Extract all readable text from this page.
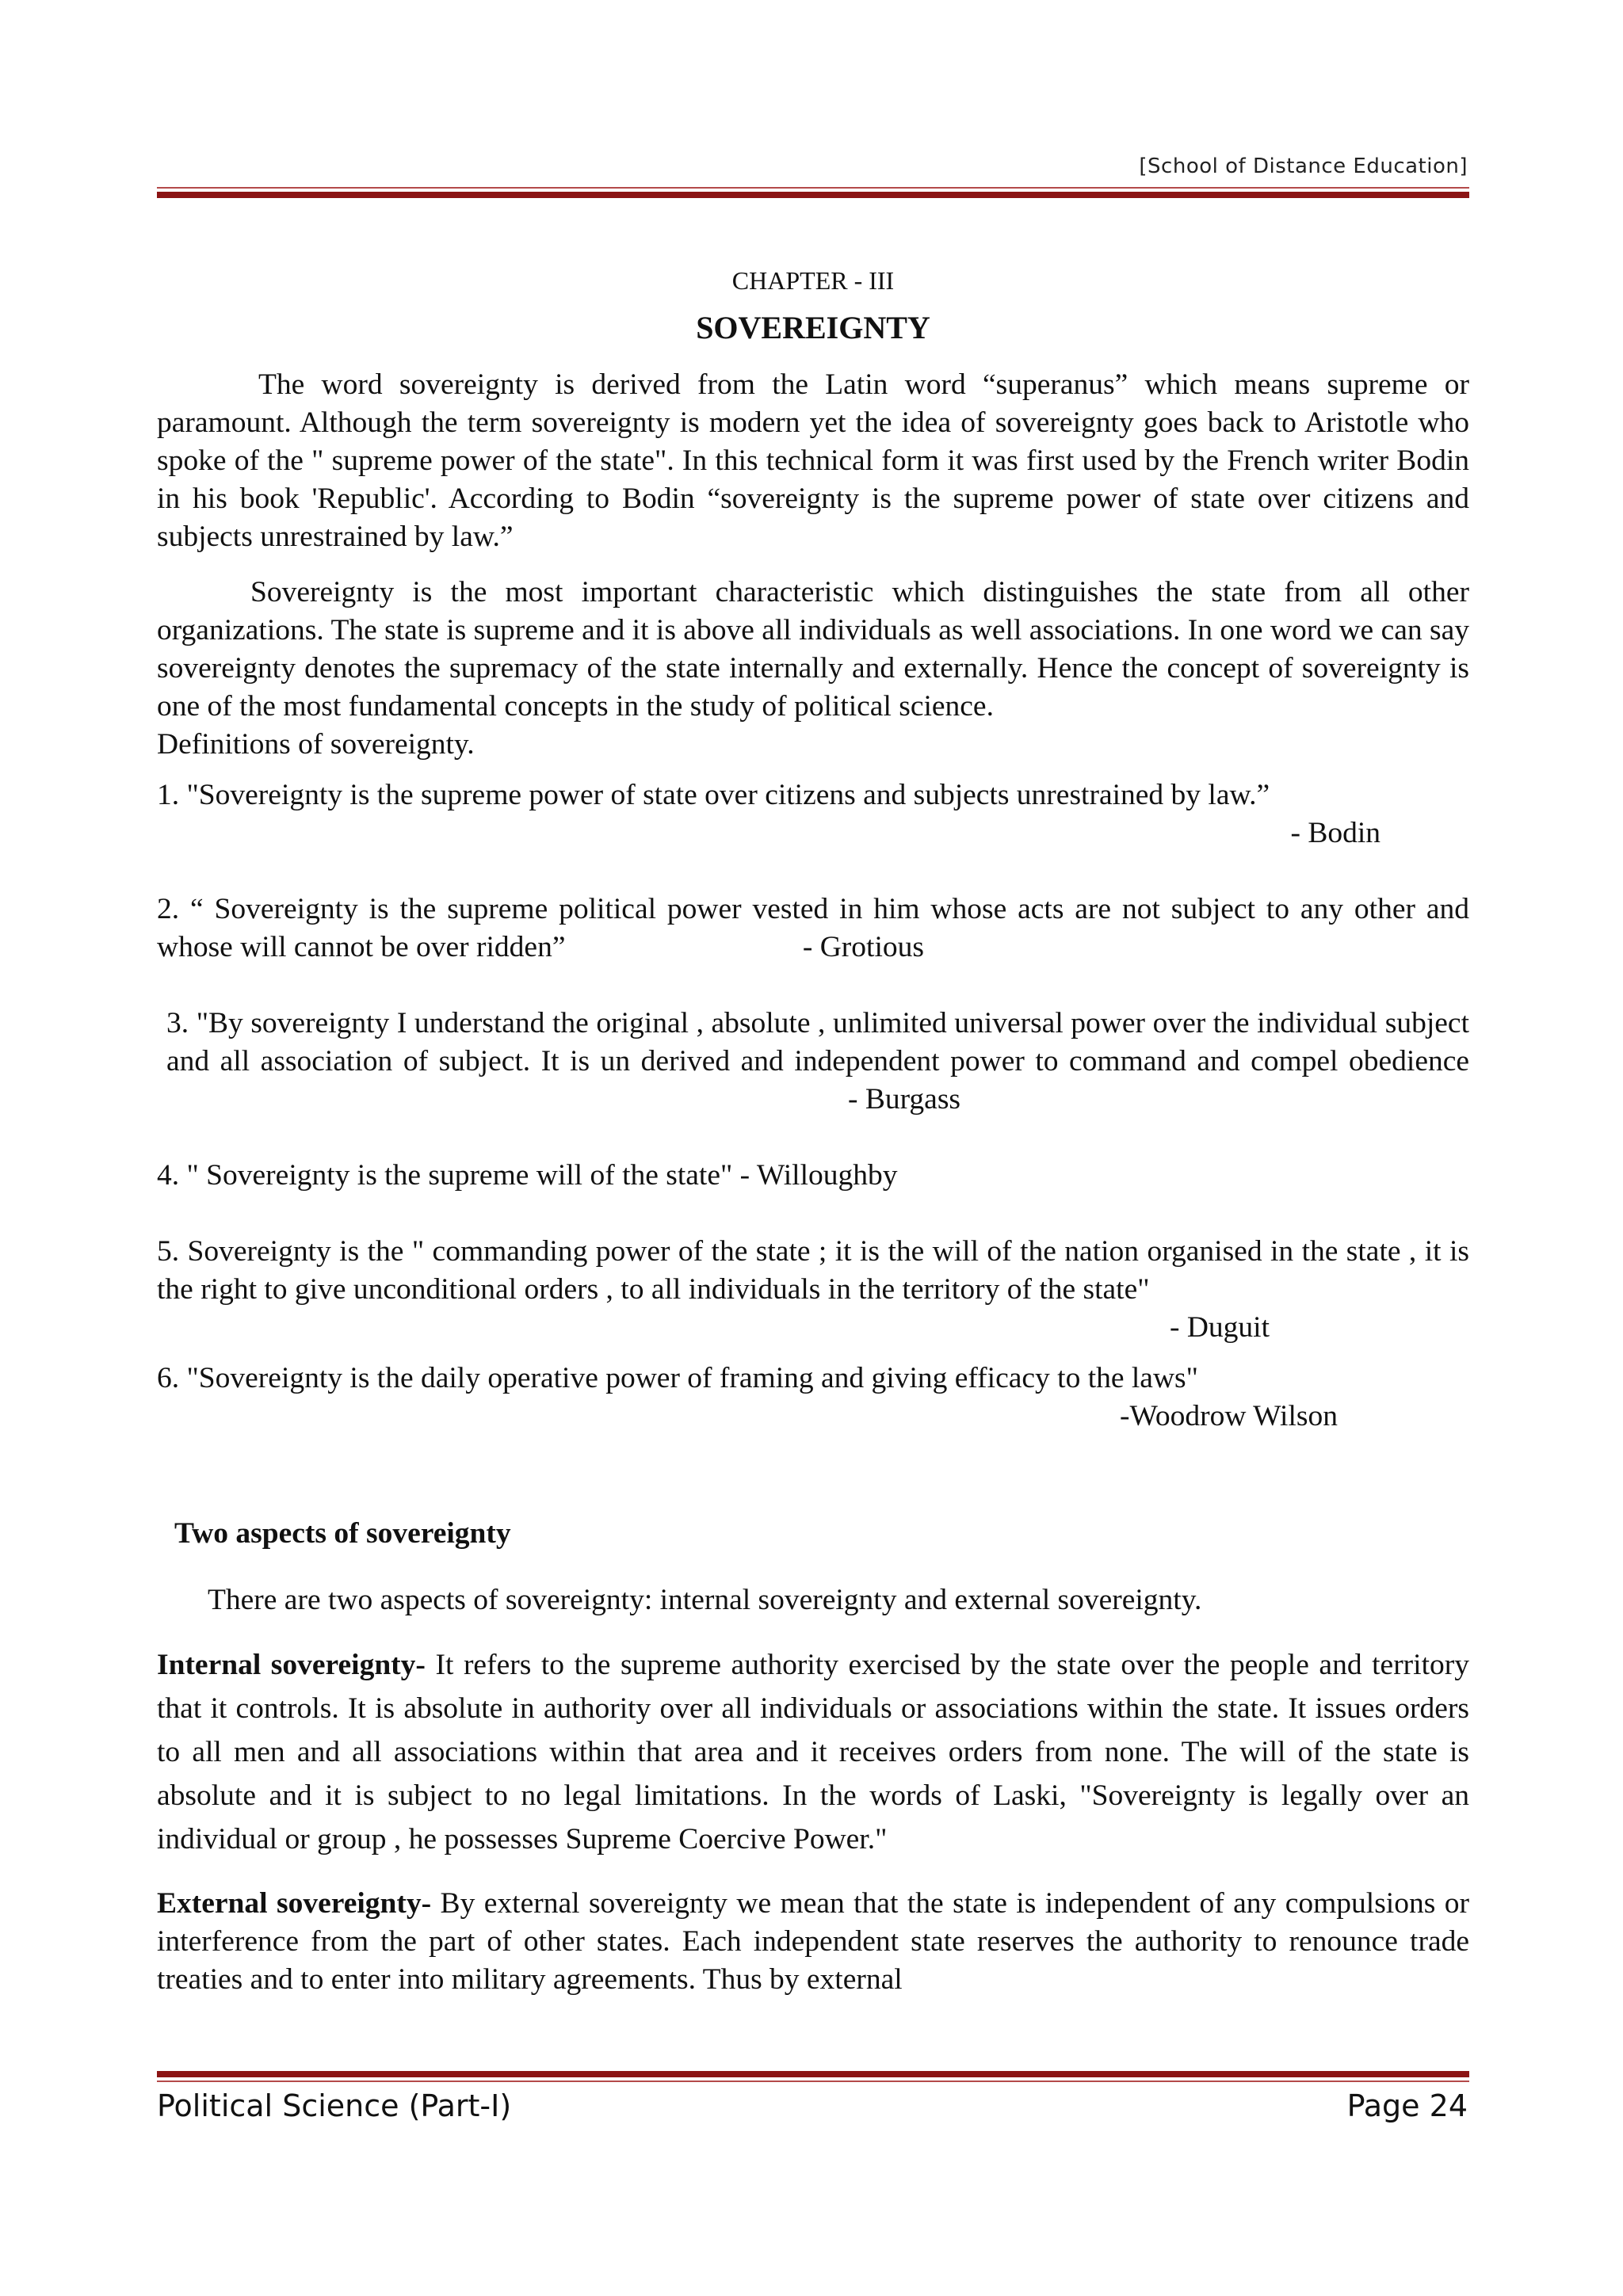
[School of Distance Education]
CHAPTER - III
SOVEREIGNTY

The word sovereignty is derived from the Latin word “superanus” which means supreme or paramount. Although the term sovereignty is modern yet the idea of sovereignty goes back to Aristotle who spoke of the " supreme power of the state". In this technical form it was first used by the French writer Bodin in his book 'Republic'. According to Bodin “sovereignty is the supreme power of state over citizens and subjects unrestrained by law.”

Sovereignty is the most important characteristic which distinguishes the state from all other organizations. The state is supreme and it is above all individuals as well associations. In one word we can say sovereignty denotes the supremacy of the state internally and externally. Hence the concept of sovereignty is one of the most fundamental concepts in the study of political science.
Definitions of sovereignty.

1. "Sovereignty is the supreme power of state over citizens and subjects unrestrained by law.”
- Bodin
2. “ Sovereignty is the supreme political power vested in him whose acts are not subject to any other and whose will cannot be over ridden”	- Grotious
3. "By sovereignty I understand the original , absolute , unlimited universal power over the individual subject and all association of subject. It is un derived and independent power to command and compel obedience - Burgass
4. " Sovereignty is the supreme will of the state" - Willoughby
5. Sovereignty is the " commanding power of the state ; it is the will of the nation organised in the state , it is the right to give unconditional orders , to all individuals in the territory of the state"
- Duguit
6. "Sovereignty is the daily operative power of framing and giving efficacy to the laws"
-Woodrow Wilson
Two aspects of sovereignty
There are two aspects of sovereignty: internal sovereignty and external sovereignty.

Internal sovereignty- It refers to the supreme authority exercised by the state over the people and territory that it controls. It is absolute in authority over all individuals or associations within the state. It issues orders to all men and all associations within that area and it receives orders from none. The will of the state is absolute and it is subject to no legal limitations. In the words of Laski, "Sovereignty is legally over an individual or group , he possesses Supreme Coercive Power."

External sovereignty- By external sovereignty we mean that the state is independent of any compulsions or interference from the part of other states. Each independent state reserves the authority to renounce trade treaties and to enter into military agreements. Thus by external

Political Science (Part-I)	Page 24
